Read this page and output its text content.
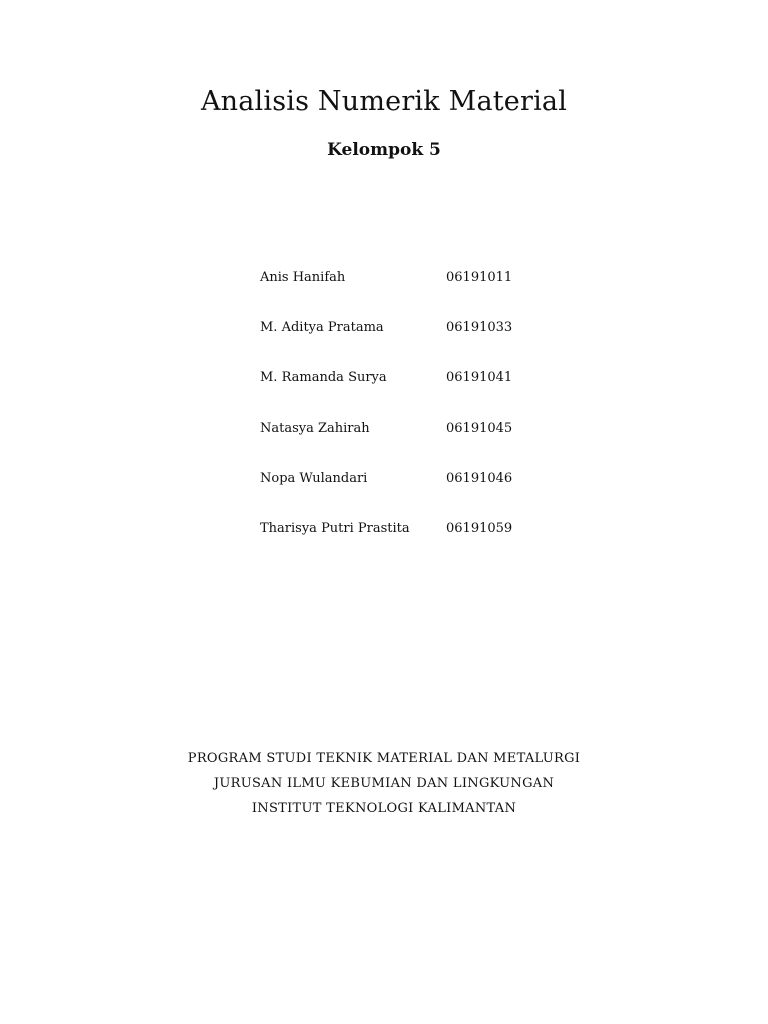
Analisis Numerik Material
Kelompok 5
Anis Hanifah	06191011
M. Aditya Pratama	06191033
M. Ramanda Surya	06191041
Natasya Zahirah	06191045
Nopa Wulandari	06191046
Tharisya Putri Prastita	06191059
PROGRAM STUDI TEKNIK MATERIAL DAN METALURGI
JURUSAN ILMU KEBUMIAN DAN LINGKUNGAN
INSTITUT TEKNOLOGI KALIMANTAN
